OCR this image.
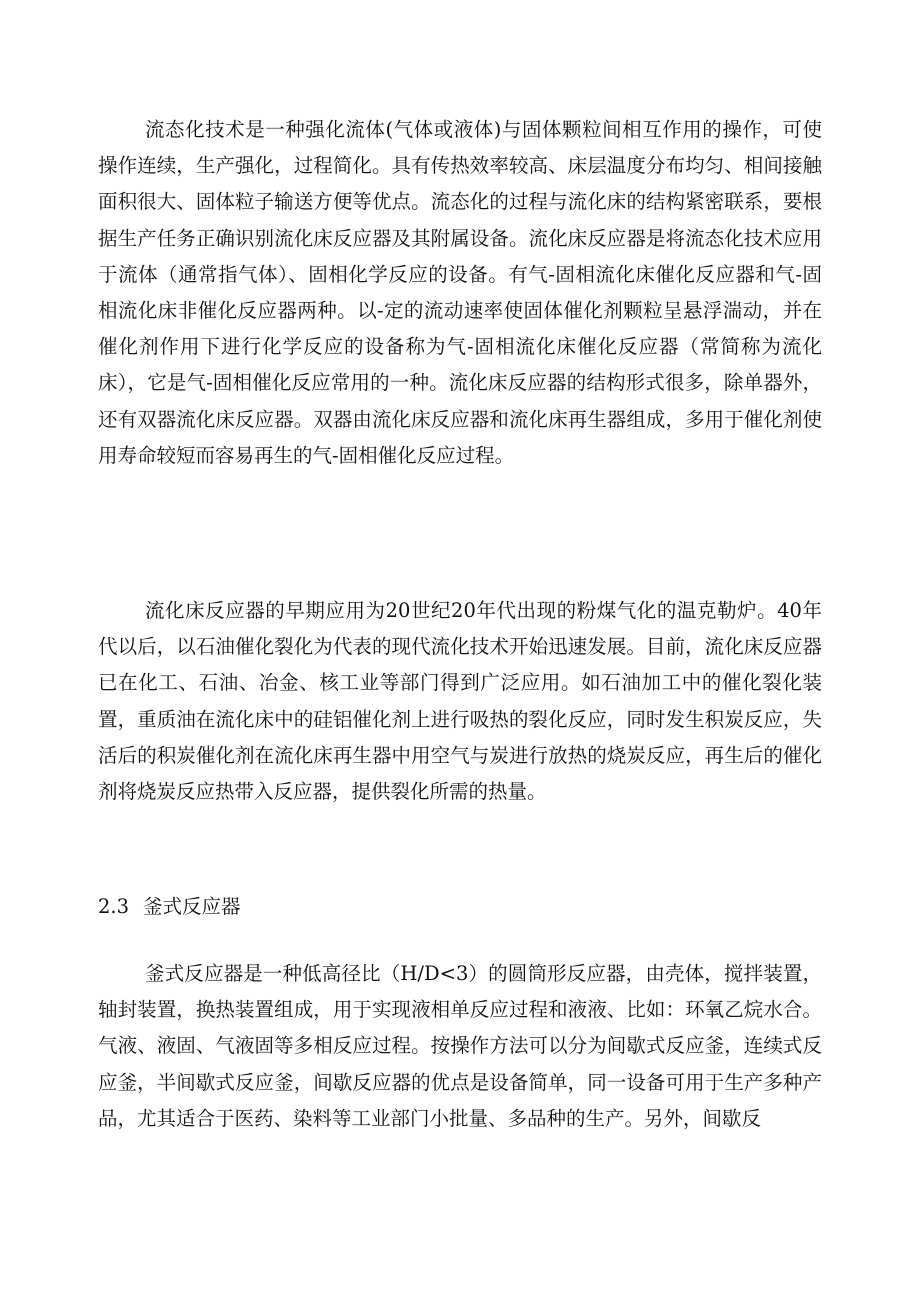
流态化技术是一种强化流体(气体或液体)与固体颗粒间相互作用的操作，可使操作连续，生产强化，过程简化。具有传热效率较高、床层温度分布均匀、相间接触面积很大、固体粒子输送方便等优点。流态化的过程与流化床的结构紧密联系，要根据生产任务正确识别流化床反应器及其附属设备。流化床反应器是将流态化技术应用于流体（通常指气体）、固相化学反应的设备。有气-固相流化床催化反应器和气-固相流化床非催化反应器两种。以-定的流动速率使固体催化剂颗粒呈悬浮湍动，并在催化剂作用下进行化学反应的设备称为气-固相流化床催化反应器（常简称为流化床），它是气-固相催化反应常用的一种。流化床反应器的结构形式很多，除单器外，还有双器流化床反应器。双器由流化床反应器和流化床再生器组成，多用于催化剂使用寿命较短而容易再生的气-固相催化反应过程。

流化床反应器的早期应用为20世纪20年代出现的粉煤气化的温克勒炉。40年代以后，以石油催化裂化为代表的现代流化技术开始迅速发展。目前，流化床反应器已在化工、石油、冶金、核工业等部门得到广泛应用。如石油加工中的催化裂化装置，重质油在流化床中的硅铝催化剂上进行吸热的裂化反应，同时发生积炭反应，失活后的积炭催化剂在流化床再生器中用空气与炭进行放热的烧炭反应，再生后的催化剂将烧炭反应热带入反应器，提供裂化所需的热量。

2.3 釜式反应器

釜式反应器是一种低高径比（H/D<3）的圆筒形反应器，由壳体，搅拌装置，轴封装置，换热装置组成，用于实现液相单反应过程和液液、比如：环氧乙烷水合。气液、液固、气液固等多相反应过程。按操作方法可以分为间歇式反应釜，连续式反应釜，半间歇式反应釜，间歇反应器的优点是设备简单，同一设备可用于生产多种产品，尤其适合于医药、染料等工业部门小批量、多品种的生产。另外，间歇反
